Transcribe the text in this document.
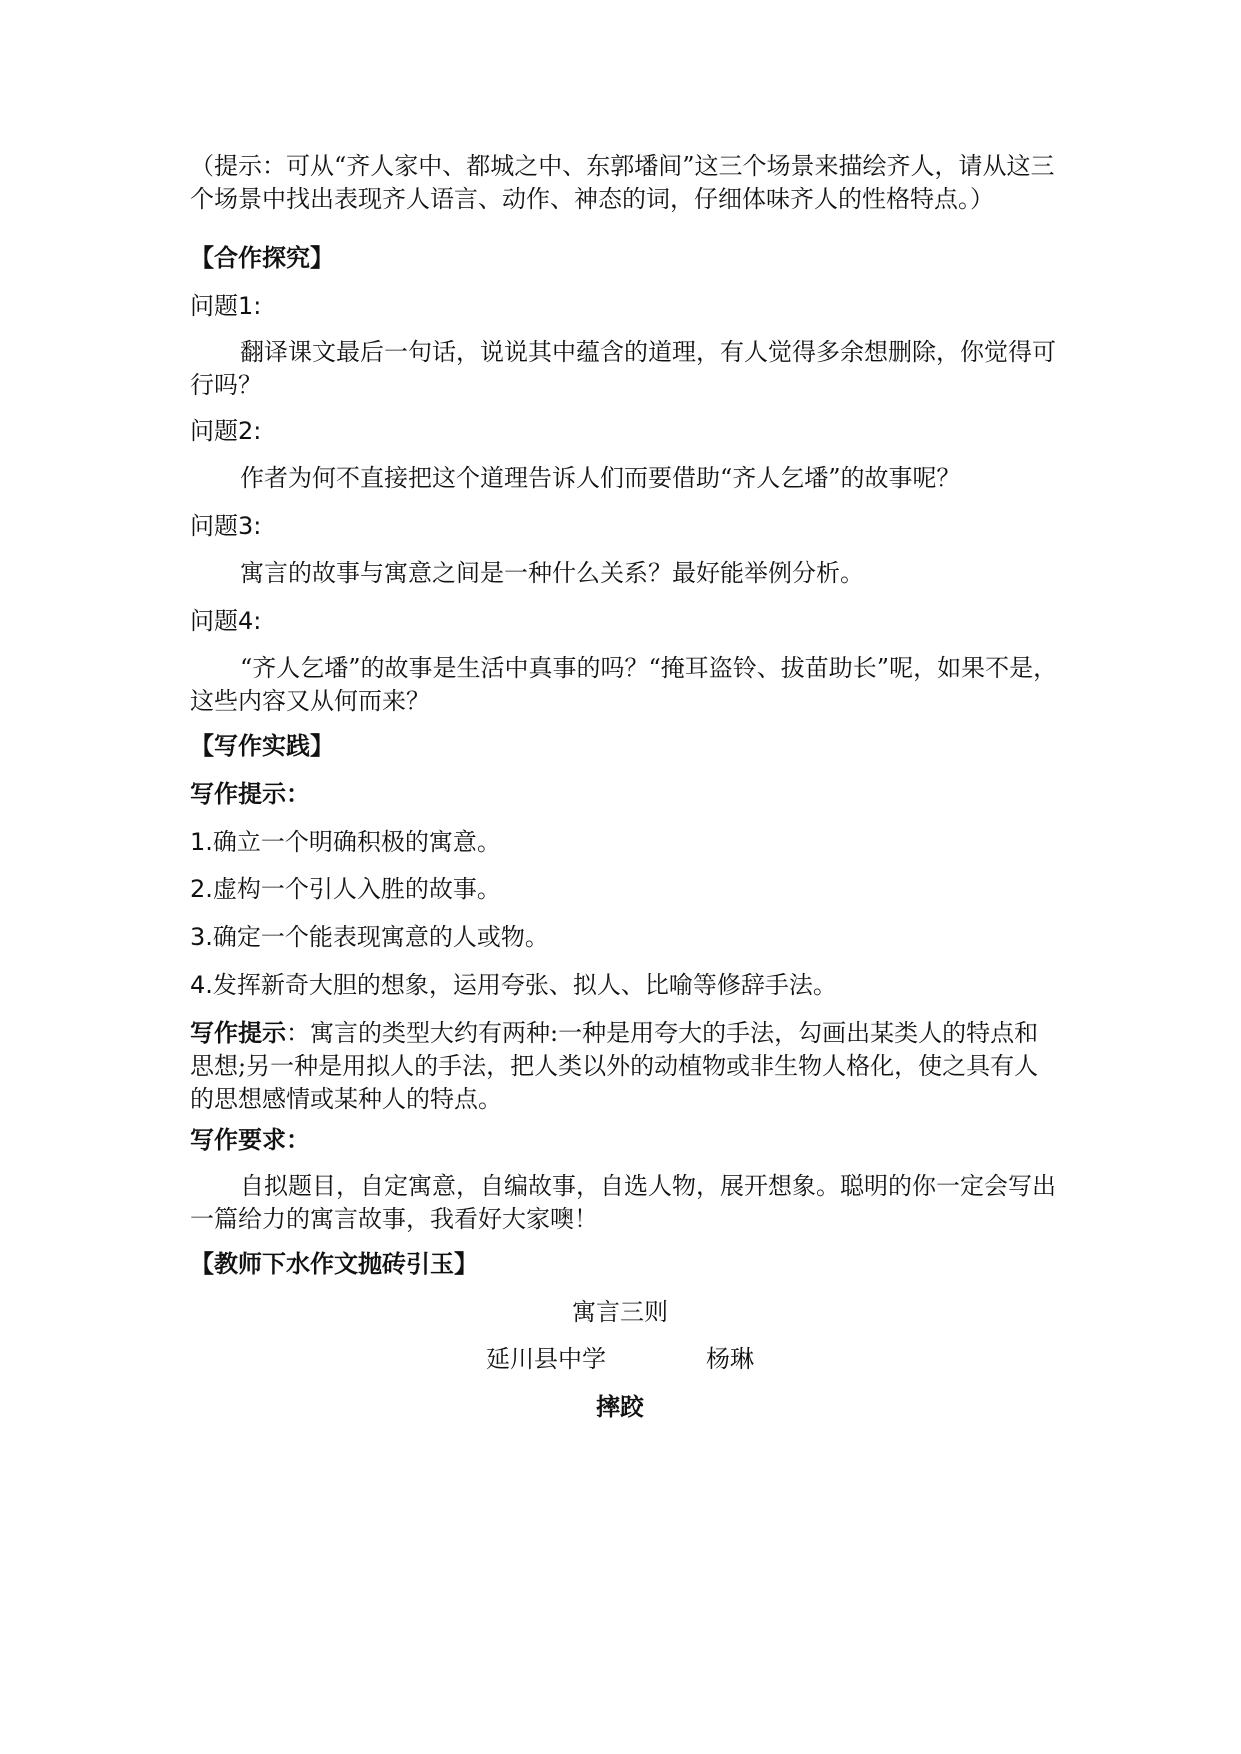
（提示：可从“齐人家中、都城之中、东郭墦间”这三个场景来描绘齐人，请从这三个场景中找出表现齐人语言、动作、神态的词，仔细体味齐人的性格特点。）

【合作探究】

问题1:

翻译课文最后一句话，说说其中蕴含的道理，有人觉得多余想删除，你觉得可行吗？

问题2:

作者为何不直接把这个道理告诉人们而要借助“齐人乞墦”的故事呢？

问题3:

寓言的故事与寓意之间是一种什么关系？最好能举例分析。

问题4:

“齐人乞墦”的故事是生活中真事的吗？“掩耳盗铃、拔苗助长”呢，如果不是，这些内容又从何而来？

【写作实践】

写作提示：

1.确立一个明确积极的寓意。

2.虚构一个引人入胜的故事。

3.确定一个能表现寓意的人或物。

4.发挥新奇大胆的想象，运用夸张、拟人、比喻等修辞手法。

写作提示：寓言的类型大约有两种:一种是用夸大的手法，勾画出某类人的特点和思想;另一种是用拟人的手法，把人类以外的动植物或非生物人格化，使之具有人的思想感情或某种人的特点。

写作要求：

自拟题目，自定寓意，自编故事，自选人物，展开想象。聪明的你一定会写出一篇给力的寓言故事，我看好大家噢！

【教师下水作文抛砖引玉】

寓言三则

延川县中学	杨琳

摔跤
